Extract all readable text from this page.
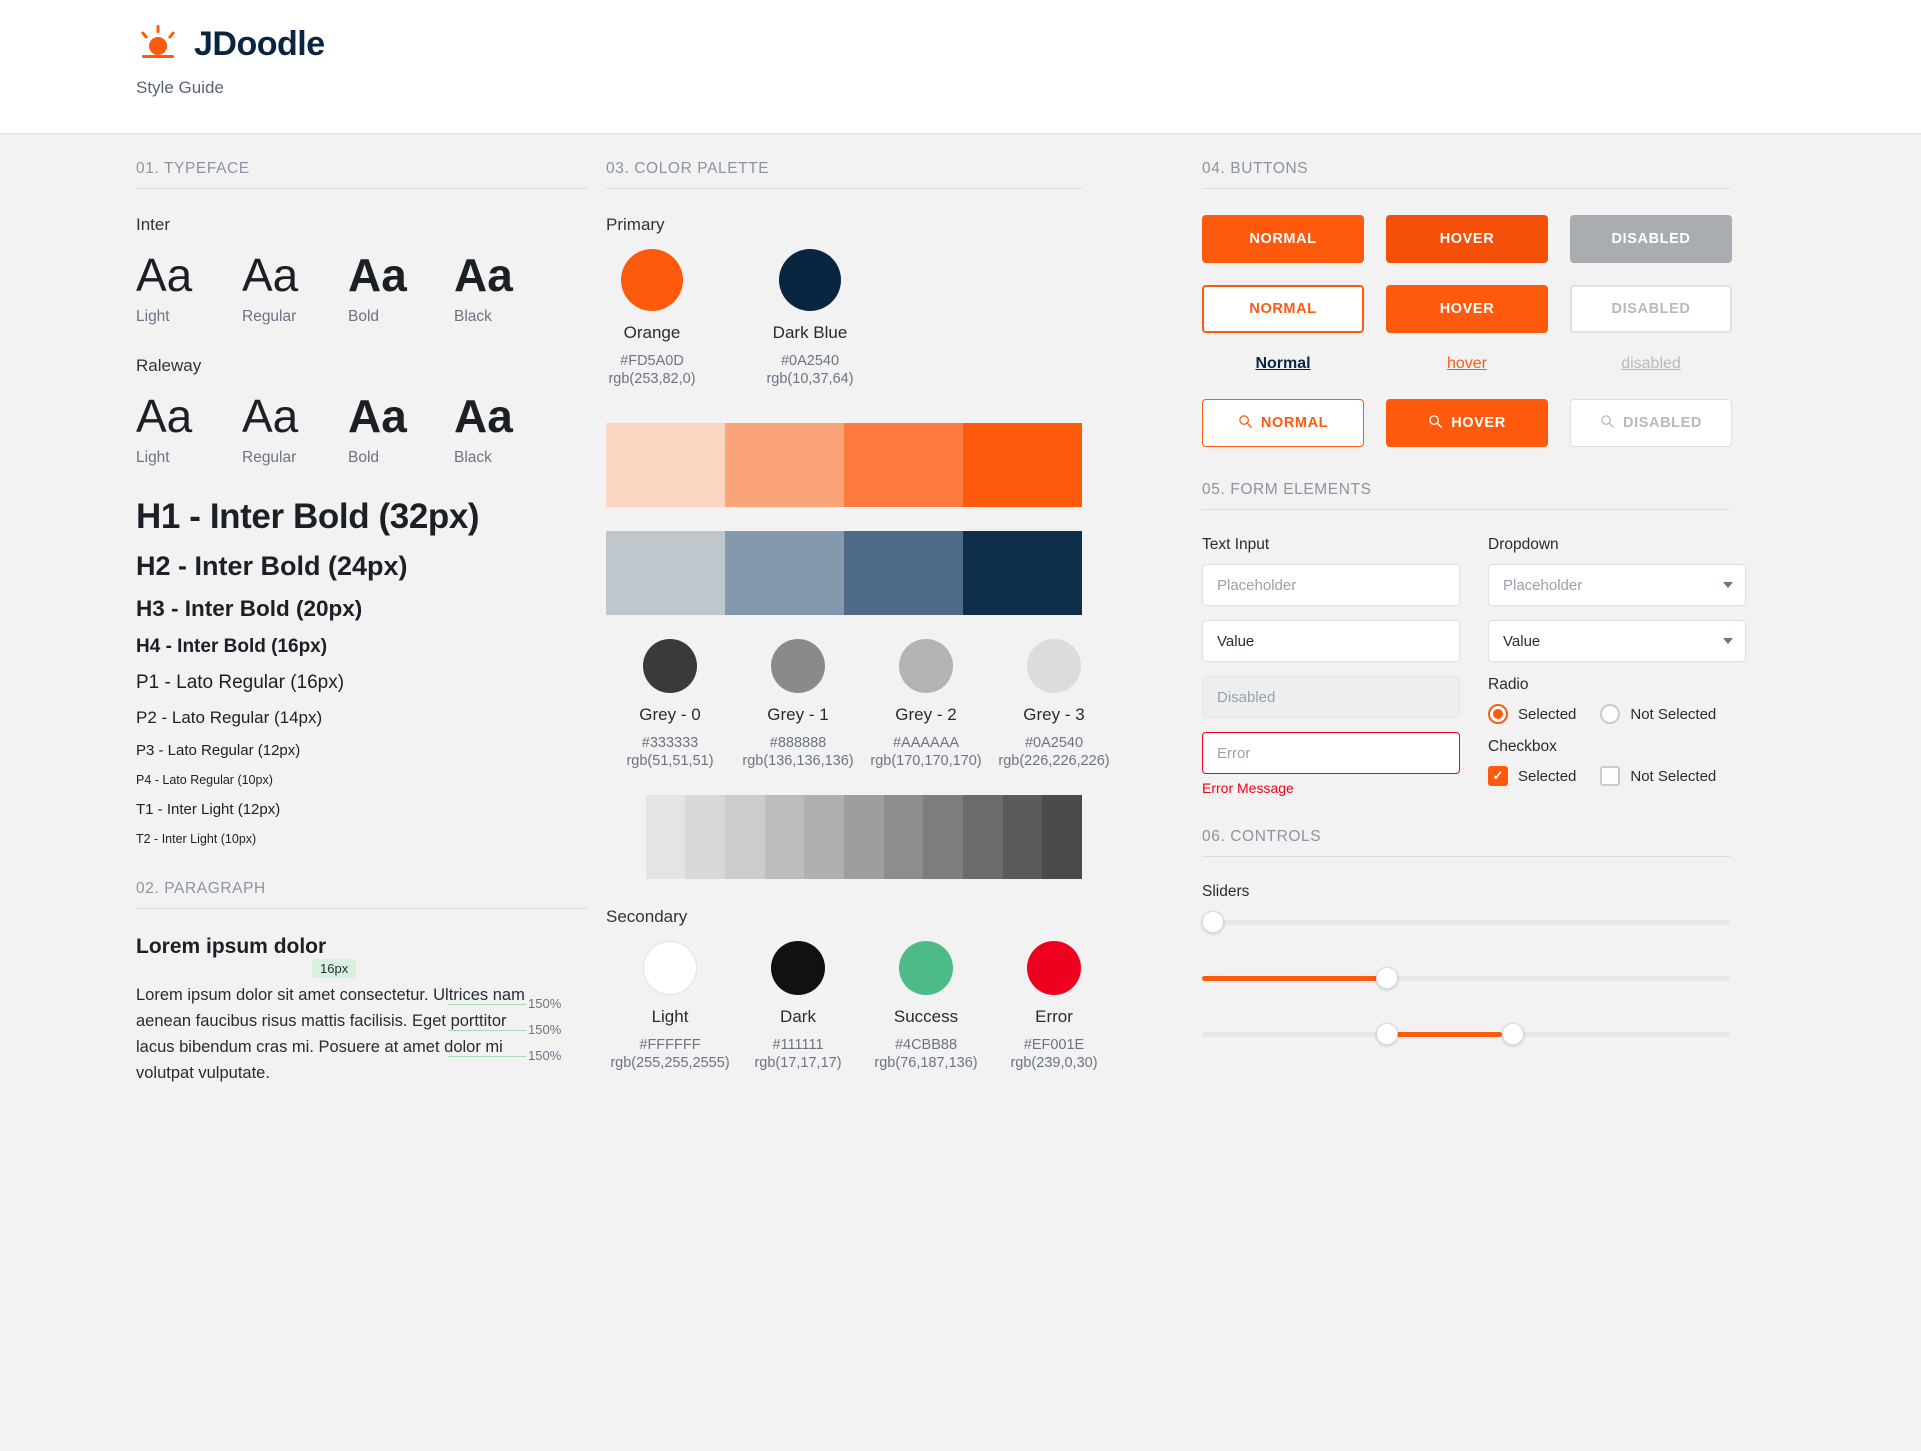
JDoodle
Style Guide
01. TYPEFACE
Inter
Aa
Light
Aa
Regular
Aa
Bold
Aa
Black
Raleway
Aa
Light
Aa
Regular
Aa
Bold
Aa
Black
H1 - Inter Bold (32px)
H2 - Inter Bold (24px)
H3 - Inter Bold (20px)
H4 - Inter Bold (16px)
P1 - Lato Regular (16px)
P2 - Lato Regular (14px)
P3 - Lato Regular (12px)
P4 - Lato Regular (10px)
T1 - Inter Light (12px)
T2 - Inter Light (10px)
02. PARAGRAPH
Lorem ipsum dolor
16px
Lorem ipsum dolor sit amet consectetur. Ultrices nam aenean faucibus risus mattis facilisis. Eget porttitor lacus bibendum cras mi. Posuere at amet dolor mi volutpat vulputate.
150%
150%
150%
03. COLOR PALETTE
Primary
Orange
#FD5A0D
rgb(253,82,0)
Dark Blue
#0A2540
rgb(10,37,64)
Grey - 0
#333333
rgb(51,51,51)
Grey - 1
#888888
rgb(136,136,136)
Grey - 2
#AAAAAA
rgb(170,170,170)
Grey - 3
#0A2540
rgb(226,226,226)
Secondary
Light
#FFFFFF
rgb(255,255,2555)
Dark
#111111
rgb(17,17,17)
Success
#4CBB88
rgb(76,187,136)
Error
#EF001E
rgb(239,0,30)
04. BUTTONS
NORMAL	HOVER	DISABLED
NORMAL	HOVER	DISABLED
Normal	hover	disabled
NORMAL	HOVER	DISABLED
05. FORM ELEMENTS
Text Input
Placeholder
Value
Disabled
Error
Error Message
Dropdown
Placeholder
Value
Radio
Selected	Not Selected
Checkbox
✓ Selected	Not Selected
06. CONTROLS
Sliders
